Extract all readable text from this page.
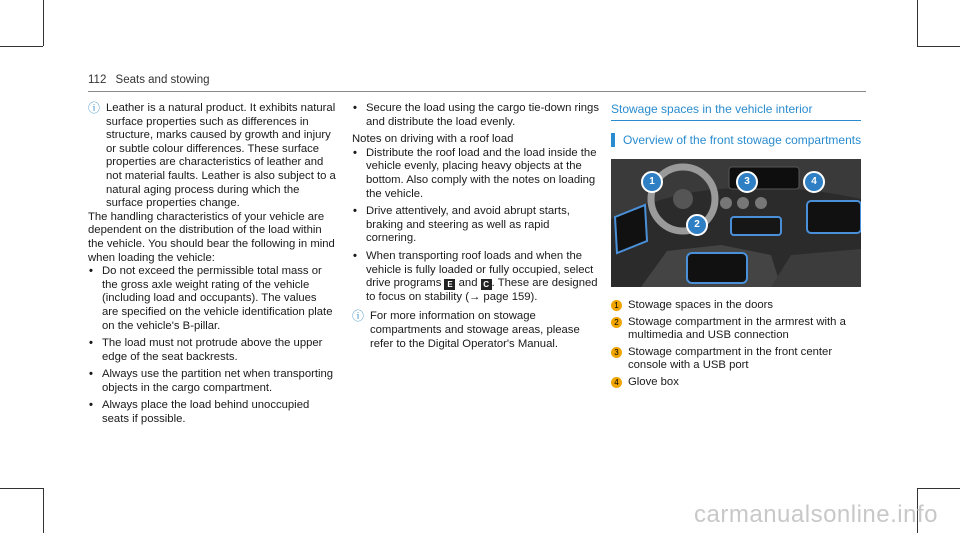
112 Seats and stowing
ⓘ Leather is a natural product. It exhibits natural surface properties such as differences in structure, marks caused by growth and injury or subtle colour differences. These surface properties are characteristics of leather and not material faults. Leather is also subject to a natural aging process during which the surface properties change.

The handling characteristics of your vehicle are dependent on the distribution of the load within the vehicle. You should bear the following in mind when loading the vehicle:

• Do not exceed the permissible total mass or the gross axle weight rating of the vehicle (including load and occupants). The values are specified on the vehicle identification plate on the vehicle's B-pillar.
• The load must not protrude above the upper edge of the seat backrests.
• Always use the partition net when transporting objects in the cargo compartment.
• Always place the load behind unoccupied seats if possible.
• Secure the load using the cargo tie-down rings and distribute the load evenly.

Notes on driving with a roof load

• Distribute the roof load and the load inside the vehicle evenly, placing heavy objects at the bottom. Also comply with the notes on loading the vehicle.
• Drive attentively, and avoid abrupt starts, braking and steering as well as rapid cornering.
• When transporting roof loads and when the vehicle is fully loaded or fully occupied, select drive programs E and C . These are designed to focus on stability (→ page 159).
ⓘ For more information on stowage compartments and stowage areas, please refer to the Digital Operator's Manual.

Stowage spaces in the vehicle interior
Overview of the front stowage compartments
1
2
3	4
1 Stowage spaces in the doors
2 Stowage compartment in the armrest with a multimedia and USB connection
3 Stowage compartment in the front center console with a USB port
4 Glove box
carmanualsonline.info
